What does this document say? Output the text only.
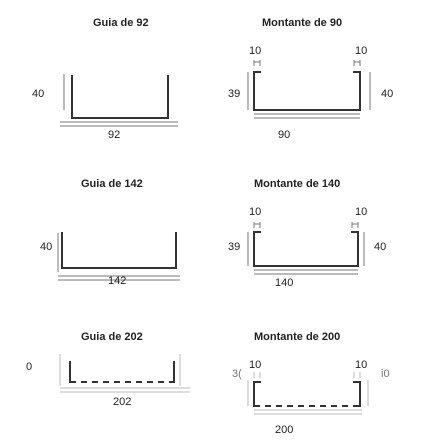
Guia de 92
40
92
Guia de 142
40
142
Guia de 202
0
202
Montante de 90
10	10
39	40
90
Montante de 140
10	10
39	40
140
Montante de 200
10	10
3(	i0
200
